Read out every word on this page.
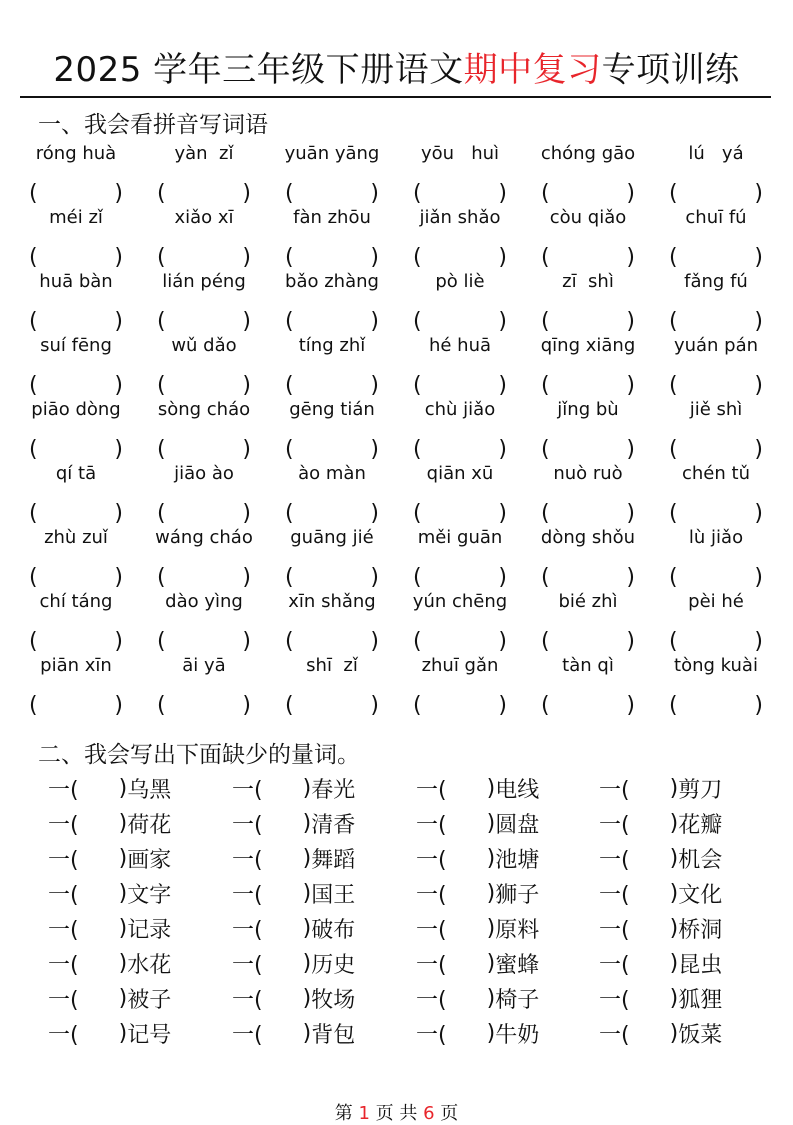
2025 学年三年级下册语文期中复习专项训练
一、我会看拼音写词语
róng huà	yàn  zǐ	yuān yāng	yōu   huì	chóng gāo	lú   yá
(	) (	) (	) (	) (	) (	)
méi zǐ	xiǎo xī	fàn zhōu	jiǎn shǎo	còu qiǎo	chuī fú
(	) (	) (	) (	) (	) (	)
huā bàn	lián péng	bǎo zhàng	pò liè	zī  shì	fǎng fú
(	) (	) (	) (	) (	) (	)
suí fēng	wǔ dǎo	tíng zhǐ	hé huā	qīng xiāng	yuán pán
(	) (	) (	) (	) (	) (	)
piāo dòng	sòng cháo	gēng tián	chù jiǎo	jǐng bù	jiě shì
(	) (	) (	) (	) (	) (	)
qí tā	jiāo ào	ào màn	qiān xū	nuò ruò	chén tǔ
(	) (	) (	) (	) (	) (	)
zhù zuǐ	wáng cháo	guāng jié	měi guān	dòng shǒu	lù jiǎo
(	) (	) (	) (	) (	) (	)
chí táng	dào yìng	xīn shǎng	yún chēng	bié zhì	pèi hé
(	) (	) (	) (	) (	) (	)
piān xīn	āi yā	shī  zǐ	zhuī gǎn	tàn qì	tòng kuài
(	) (	) (	) (	) (	) (	)
二、我会写出下面缺少的量词。
一( ) 乌黑	一( ) 春光	一( ) 电线	一( ) 剪刀
一( ) 荷花	一( ) 清香	一( ) 圆盘	一( ) 花瓣
一( ) 画家	一( ) 舞蹈	一( ) 池塘	一( ) 机会
一( ) 文字	一( ) 国王	一( ) 狮子	一( ) 文化
一( ) 记录	一( ) 破布	一( ) 原料	一( ) 桥洞
一( ) 水花	一( ) 历史	一( ) 蜜蜂	一( ) 昆虫
一( ) 被子	一( ) 牧场	一( ) 椅子	一( ) 狐狸
一( ) 记号	一( ) 背包	一( ) 牛奶	一( ) 饭菜
第 1 页 共 6 页
